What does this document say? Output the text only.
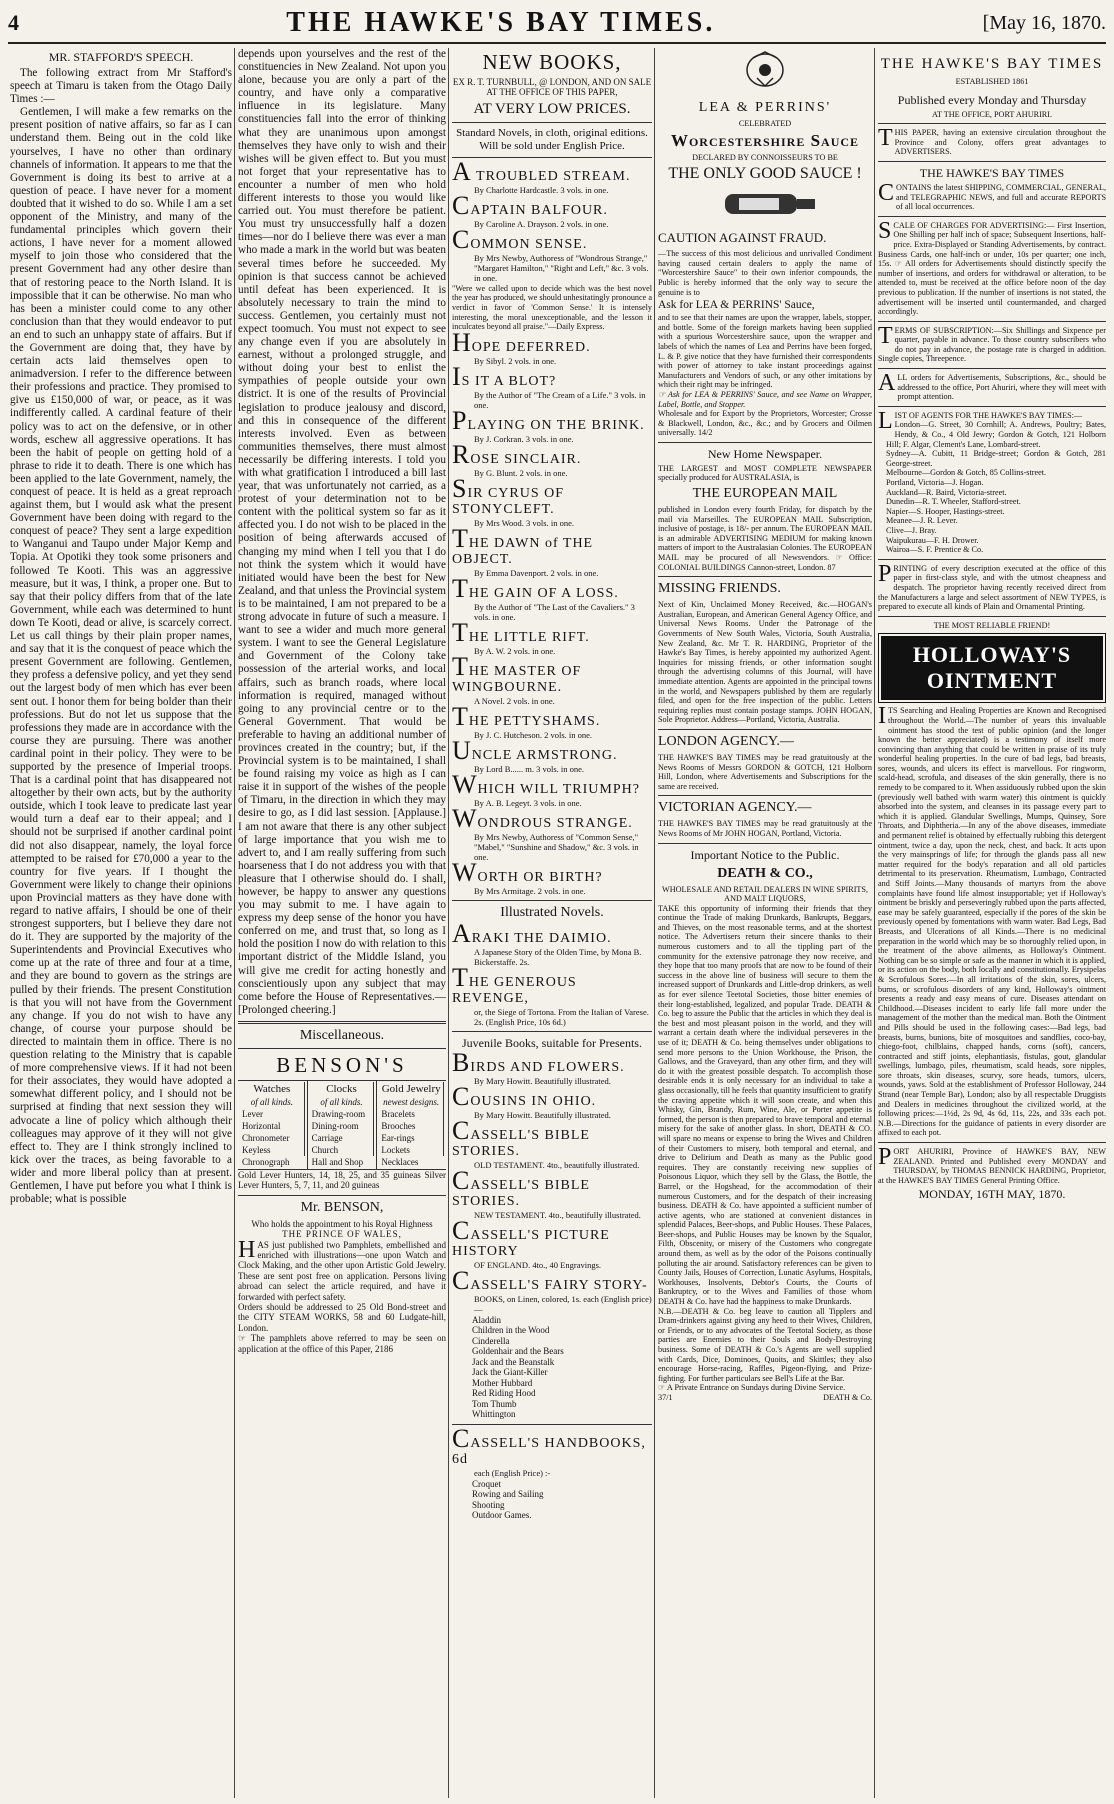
4	THE HAWKE'S BAY TIMES.	[May 16, 1870.
MR. STAFFORD'S SPEECH.

The following extract from Mr Stafford's speech at Timaru is taken from the Otago Daily Times :—

Gentlemen, I will make a few remarks on the present position of native affairs, so far as I can understand them. Being out in the cold like yourselves, I have no other than ordinary channels of information. It appears to me that the Government is doing its best to arrive at a question of peace. I have never for a moment doubted that it wished to do so. While I am a set opponent of the Ministry, and many of the fundamental principles which govern their actions, I have never for a moment allowed myself to join those who considered that the present Government had any other desire than that of restoring peace to the North Island. It is impossible that it can be otherwise. No man who has been a minister could come to any other conclusion than that they would endeavor to put an end to such an unhappy state of affairs. But if the Government are doing that, they have by certain acts laid themselves open to animadversion. I refer to the difference between their professions and practice. They promised to give us £150,000 of war, or peace, as it was indifferently called. A cardinal feature of their policy was to act on the defensive, or in other words, eschew all aggressive operations. It has been the habit of people on getting hold of a phrase to ride it to death. There is one which has been applied to the late Government, namely, the conquest of peace. It is held as a great reproach against them, but I would ask what the present Government have been doing with regard to the conquest of peace? They sent a large expedition to Wanganui and Taupo under Major Kemp and Topia. At Opotiki they took some prisoners and followed Te Kooti. This was an aggressive measure, but it was, I think, a proper one. But to say that their policy differs from that of the late Government, while each was determined to hunt down Te Kooti, dead or alive, is scarcely correct. Let us call things by their plain proper names, and say that it is the conquest of peace which the present Government are following. Gentlemen, they profess a defensive policy, and yet they send out the largest body of men which has ever been sent out. I honor them for being bolder than their professions. But do not let us suppose that the professions they made are in accordance with the course they are pursuing. There was another cardinal point in their policy. They were to be supported by the presence of Imperial troops. That is a cardinal point that has disappeared not altogether by their own acts, but by the authority outside, which I took leave to predicate last year would turn a deaf ear to their appeal; and I should not be surprised if another cardinal point did not also disappear, namely, the loyal force attempted to be raised for £70,000 a year to the country for five years. If I thought the Government were likely to change their opinions upon Provincial matters as they have done with regard to native affairs, I should be one of their strongest supporters, but I believe they dare not do it. They are supported by the majority of the Superintendents and Provincial Executives who come up at the rate of three and four at a time, and they are bound to govern as the strings are pulled by their friends. The present Constitution is that you will not have from the Government any change. If you do not wish to have any change, of course your purpose should be directed to maintain them in office. There is no question relating to the Ministry that is capable of more comprehensive views. If it had not been for their associates, they would have adopted a somewhat different policy, and I should not be surprised at finding that next session they will advocate a line of policy which although their colleagues may approve of it they will not give effect to. They are I think strongly inclined to kick over the traces, as being favorable to a wider and more liberal policy than at present. Gentlemen, I have put before you what I think is probable; what is possible

depends upon yourselves and the rest of the constituencies in New Zealand. Not upon you alone, because you are only a part of the country, and have only a comparative influence in its legislature. Many constituencies fall into the error of thinking what they are unanimous upon amongst themselves they have only to wish and their wishes will be given effect to. But you must not forget that your representative has to encounter a number of men who hold different interests to those you would like carried out. You must therefore be patient. You must try unsuccessfully half a dozen times—nor do I believe there was ever a man who made a mark in the world but was beaten several times before he succeeded. My opinion is that success cannot be achieved until defeat has been experienced. It is absolutely necessary to train the mind to success. Gentlemen, you certainly must not expect toomuch. You must not expect to see any change even if you are absolutely in earnest, without a prolonged struggle, and without doing your best to enlist the sympathies of people outside your own district. It is one of the results of Provincial legislation to produce jealousy and discord, and this in consequence of the different interests involved. Even as between communities themselves, there must almost necessarily be differing interests. I told you with what gratification I introduced a bill last year, that was unfortunately not carried, as a protest of your determination not to be content with the political system so far as it affected you. I do not wish to be placed in the position of being afterwards accused of changing my mind when I tell you that I do not think the system which it would have initiated would have been the best for New Zealand, and that unless the Provincial system is to be maintained, I am not prepared to be a strong advocate in future of such a measure. I want to see a wider and much more general system. I want to see the General Legislature and Government of the Colony take possession of the arterial works, and local affairs, such as branch roads, where local information is required, managed without going to any provincial centre or to the General Government. That would be preferable to having an additional number of provinces created in the country; but, if the Provincial system is to be maintained, I shall be found raising my voice as high as I can raise it in support of the wishes of the people of Timaru, in the direction in which they may desire to go, as I did last session. [Applause.] I am not aware that there is any other subject of large importance that you wish me to advert to, and I am really suffering from such hoarseness that I do not address you with that pleasure that I otherwise should do. I shall, however, be happy to answer any questions you may submit to me. I have again to express my deep sense of the honor you have conferred on me, and trust that, so long as I hold the position I now do with relation to this important district of the Middle Island, you will give me credit for acting honestly and conscientiously upon any subject that may come before the House of Representatives.—[Prolonged cheering.]

Miscellaneous.
BENSON'S
Watches
of all kinds.
Lever
Horizontal
Chronometer
Keyless
Chronograph
Clocks
of all kinds.
Drawing-room
Dining-room
Carriage
Church
Hall and Shop
Gold Jewelry
newest designs.
Bracelets
Brooches
Ear-rings
Lockets
Necklaces

Gold Lever Hunters, 14, 18, 25, and 35 guineas Silver Lever Hunters, 5, 7, 11, and 20 guineas

Mr. BENSON,
Who holds the appointment to his Royal Highness
THE PRINCE OF WALES,

HAS just published two Pamphlets, embellished and enriched with illustrations—one upon Watch and Clock Making, and the other upon Artistic Gold Jewelry. These are sent post free on application. Persons living abroad can select the article required, and have it forwarded with perfect safety.

Orders should be addressed to 25 Old Bond-street and the CITY STEAM WORKS, 58 and 60 Ludgate-hill, London.

☞ The pamphlets above referred to may be seen on application at the office of this Paper, 2186

NEW BOOKS,
EX R. T. TURNBULL, @ LONDON, AND ON SALE AT THE OFFICE OF THIS PAPER,
AT VERY LOW PRICES.

Standard Novels, in cloth, original editions. Will be sold under English Price.

A TROUBLED STREAM.
By Charlotte Hardcastle. 3 vols. in one.
CAPTAIN BALFOUR.
By Caroline A. Drayson. 2 vols. in one.
COMMON SENSE.
By Mrs Newby, Authoress of "Wondrous Strange," "Margaret Hamilton," "Right and Left," &c. 3 vols. in one.

"Were we called upon to decide which was the best novel the year has produced, we should unhesitatingly pronounce a verdict in favor of 'Common Sense.' It is intensely interesting, the moral unexceptionable, and the lesson it inculcates beyond all praise."—Daily Express.

HOPE DEFERRED.
By Sibyl. 2 vols. in one.
IS IT A BLOT?
By the Author of "The Cream of a Life." 3 vols. in one.
PLAYING ON THE BRINK.
By J. Corkran. 3 vols. in one.
ROSE SINCLAIR.
By G. Blunt. 2 vols. in one.
SIR CYRUS OF STONYCLEFT.
By Mrs Wood. 3 vols. in one.
THE DAWN of THE OBJECT.
By Emma Davenport. 2 vols. in one.
THE GAIN OF A LOSS.
By the Author of "The Last of the Cavaliers." 3 vols. in one.
THE LITTLE RIFT.
By A. W. 2 vols. in one.
THE MASTER OF WINGBOURNE.
A Novel. 2 vols. in one.
THE PETTYSHAMS.
By J. C. Hutcheson. 2 vols. in one.
UNCLE ARMSTRONG.
By Lord B...... m. 3 vols. in one.
WHICH WILL TRIUMPH?
By A. B. Legeyt. 3 vols. in one.
WONDROUS STRANGE.
By Mrs Newby, Authoress of "Common Sense," "Mabel," "Sunshine and Shadow," &c. 3 vols. in one.
WORTH OR BIRTH?
By Mrs Armitage. 2 vols. in one.
Illustrated Novels.
ARAKI THE DAIMIO.
A Japanese Story of the Olden Time, by Mona B. Bickerstaffe. 2s.
THE GENEROUS REVENGE,
or, the Siege of Tortona. From the Italian of Varese. 2s. (English Price, 10s 6d.)
Juvenile Books, suitable for Presents.
BIRDS AND FLOWERS.
By Mary Howitt. Beautifully illustrated.
COUSINS IN OHIO.
By Mary Howitt. Beautifully illustrated.
CASSELL'S BIBLE STORIES.
OLD TESTAMENT. 4to., beautifully illustrated.
CASSELL'S BIBLE STORIES.
NEW TESTAMENT. 4to., beautifully illustrated.
CASSELL'S PICTURE HISTORY
OF ENGLAND. 4to., 40 Engravings.
CASSELL'S FAIRY STORY-
BOOKS, on Linen, colored, 1s. each (English price) —
Aladdin
Children in the Wood
Cinderella
Goldenhair and the Bears
Jack and the Beanstalk
Jack the Giant-Killer
Mother Hubbard
Red Riding Hood
Tom Thumb
Whittington
CASSELL'S HANDBOOKS, 6d
each (English Price) :-
Croquet
Rowing and Sailing
Shooting
Outdoor Games.
LEA & PERRINS'
CELEBRATED
Worcestershire Sauce
DECLARED BY CONNOISSEURS TO BE
THE ONLY GOOD SAUCE !
CAUTION AGAINST FRAUD.

—The success of this most delicious and unrivalled Condiment having caused certain dealers to apply the name of "Worcestershire Sauce" to their own inferior compounds, the Public is hereby informed that the only way to secure the genuine is to

Ask for LEA & PERRINS' Sauce,

and to see that their names are upon the wrapper, labels, stopper, and bottle. Some of the foreign markets having been supplied with a spurious Worcestershire sauce, upon the wrapper and labels of which the names of Lea and Perrins have been forged, L. & P. give notice that they have furnished their correspondents with power of attorney to take instant proceedings against Manufacturers and Vendors of such, or any other imitations by which their right may be infringed.

☞ Ask for LEA & PERRINS' Sauce, and see Name on Wrapper, Label, Bottle, and Stopper.

Wholesale and for Export by the Proprietors, Worcester; Crosse & Blackwell, London, &c., &c.; and by Grocers and Oilmen universally. 14/2

New Home Newspaper.

THE LARGEST and MOST COMPLETE NEWSPAPER specially produced for AUSTRALASIA, is

THE EUROPEAN MAIL

published in London every fourth Friday, for dispatch by the mail via Marseilles. The EUROPEAN MAIL Subscription, inclusive of postage, is 18/- per annum. The EUROPEAN MAIL is an admirable ADVERTISING MEDIUM for making known matters of import to the Australasian Colonies. The EUROPEAN MAIL may be procured of all Newsvendors. ☞ Office: COLONIAL BUILDINGS Cannon-street, London. 87

MISSING FRIENDS.

Next of Kin, Unclaimed Money Received, &c.—HOGAN's Australian, European, and American General Agency Office, and Universal News Rooms. Under the Patronage of the Governments of New South Wales, Victoria, South Australia, New Zealand, &c. Mr T. R. HARDING, Proprietor of the Hawke's Bay Times, is hereby appointed my authorized Agent. Inquiries for missing friends, or other information sought through the advertising columns of this Journal, will have immediate attention. Agents are appointed in the principal towns in the world, and Newspapers published by them are regularly filed, and open for the free inspection of the public. Letters requiring replies must contain postage stamps. JOHN HOGAN, Sole Proprietor. Address—Portland, Victoria, Australia.

LONDON AGENCY.—

THE HAWKE'S BAY TIMES may be read gratuitously at the News Rooms of Messrs GORDON & GOTCH, 121 Holborn Hill, London, where Advertisements and Subscriptions for the same are received.

VICTORIAN AGENCY.—

THE HAWKE'S BAY TIMES may be read gratuitously at the News Rooms of Mr JOHN HOGAN, Portland, Victoria.

Important Notice to the Public.
DEATH & CO.,
WHOLESALE AND RETAIL DEALERS IN WINE SPIRITS, AND MALT LIQUORS,

TAKE this opportunity of informing their friends that they continue the Trade of making Drunkards, Bankrupts, Beggars, and Thieves, on the most reasonable terms, and at the shortest notice. The Advertisers return their sincere thanks to their numerous customers and to all the tippling part of the community for the extensive patronage they now receive, and they hope that too many proofs that are now to be found of their success in the above line of business will secure to them the increased support of Drunkards and Little-drop drinkers, as well as for ever silence Teetotal Societies, those bitter enemies of their long-established, legalized, and popular Trade. DEATH & Co. beg to assure the Public that the articles in which they deal is the best and most pleasant poison in the world, and they will warrant a certain death where the individual perseveres in the use of it; DEATH & Co. being themselves under obligations to send more persons to the Union Workhouse, the Prison, the Gallows, and the Graveyard, than any other firm, and they will do it with the greatest possible despatch. To accomplish those desirable ends it is only necessary for an individual to take a glass occasionally, till he feels that quantity insufficient to gratify the craving appetite which it will soon create, and when this Whisky, Gin, Brandy, Rum, Wine, Ale, or Porter appetite is formed, the person is then prepared to brave temporal and eternal misery for the sake of another glass. In short, DEATH & CO. will spare no means or expense to bring the Wives and Children of their Customers to misery, both temporal and eternal, and drive to Delirium and Death as many as the Public good requires. They are constantly receiving new supplies of Poisonous Liquor, which they sell by the Glass, the Bottle, the Barrel, or the Hogshead, for the accommodation of their numerous Customers, and for the despatch of their increasing business. DEATH & Co. have appointed a sufficient number of active agents, who are stationed at convenient distances in splendid Palaces, Beer-shops, and Public Houses. These Palaces, Beer-shops, and Public Houses may be known by the Squalor, Filth, Obscenity, or misery of the Customers who congregate around them, as well as by the odor of the Poisons continually polluting the air around. Satisfactory references can be given to County Jails, Houses of Correction, Lunatic Asylums, Hospitals, Workhouses, Insolvents, Debtor's Courts, the Courts of Bankruptcy, or to the Wives and Families of those whom DEATH & Co. have had the happiness to make Drunkards.

N.B.—DEATH & Co. beg leave to caution all Tipplers and Dram-drinkers against giving any heed to their Wives, Children, or Friends, or to any advocates of the Teetotal Society, as those parties are Enemies to their Souls and Body-Destroying business. Some of DEATH & Co.'s Agents are well supplied with Cards, Dice, Dominoes, Quoits, and Skittles; they also encourage Horse-racing, Raffles, Pigeon-flying, and Prize-fighting. For further particulars see Bell's Life at the Bar.

☞ A Private Entrance on Sundays during Divine Service.

37/1	DEATH & Co.
THE HAWKE'S BAY TIMES
ESTABLISHED 1861
Published every Monday and Thursday
AT THE OFFICE, PORT AHURIRI.

THIS PAPER, having an extensive circulation throughout the Province and Colony, offers great advantages to ADVERTISERS.

THE HAWKE'S BAY TIMES

CONTAINS the latest SHIPPING, COMMERCIAL, GENERAL, and TELEGRAPHIC NEWS, and full and accurate REPORTS of all local occurrences.

SCALE OF CHARGES FOR ADVERTISING:— First Insertion, One Shilling per half inch of space; Subsequent Insertions, half-price. Extra-Displayed or Standing Advertisements, by contract. Business Cards, one half-inch or under, 10s per quarter; one inch, 15s. ☞ All orders for Advertisements should distinctly specify the number of insertions, and orders for withdrawal or alteration, to be attended to, must be received at the office before noon of the day previous to publication. If the number of insertions is not stated, the advertisement will be inserted until countermanded, and charged accordingly.

TERMS OF SUBSCRIPTION:—Six Shillings and Sixpence per quarter, payable in advance. To those country subscribers who do not pay in advance, the postage rate is charged in addition. Single copies, Threepence.

ALL orders for Advertisements, Subscriptions, &c., should be addressed to the office, Port Ahuriri, where they will meet with prompt attention.

LIST OF AGENTS FOR THE HAWKE'S BAY TIMES:—

London—G. Street, 30 Cornhill; A. Andrews, Poultry; Bates, Hendy, & Co., 4 Old Jewry; Gordon & Gotch, 121 Holborn Hill; F. Algar, Clement's Lane, Lombard-street.

Sydney—A. Cubitt, 11 Bridge-street; Gordon & Gotch, 281 George-street.

Melbourne—Gordon & Gotch, 85 Collins-street.

Portland, Victoria—J. Hogan.

Auckland—R. Baird, Victoria-street.

Dunedin—R. T. Wheeler, Stafford-street.

Napier—S. Hooper, Hastings-street.

Meanee—J. R. Lever.

Clive—J. Bray.

Waipukurau—F. H. Drower.

Wairoa—S. F. Prentice & Co.

PRINTING of every description executed at the office of this paper in first-class style, and with the utmost cheapness and despatch. The proprietor having recently received direct from the Manufacturers a large and select assortment of NEW TYPES, is prepared to execute all kinds of Plain and Ornamental Printing.

THE MOST RELIABLE FRIEND!
HOLLOWAY'S OINTMENT

ITS Searching and Healing Properties are Known and Recognised throughout the World.—The number of years this invaluable ointment has stood the test of public opinion (and the longer known the better appreciated) is a testimony of itself more convincing than anything that could be written in praise of its truly wonderful healing properties. In the cure of bad legs, bad breasts, sores, wounds, and ulcers its effect is marvellous. For ringworm, scald-head, scrofula, and diseases of the skin generally, there is no remedy to be compared to it. When assiduously rubbed upon the skin (previously well bathed with warm water) this ointment is quickly absorbed into the system, and cleanses in its passage every part to which it is applied. Glandular Swellings, Mumps, Quinsey, Sore Throats, and Diphtheria.—In any of the above diseases, immediate and permanent relief is obtained by effectually rubbing this detergent ointment, twice a day, upon the neck, chest, and back. It acts upon the very mainsprings of life; for through the glands pass all new matter required for the body's reparation and all old particles detrimental to its preservation. Rheumatism, Lumbago, Contracted and Stiff Joints.—Many thousands of martyrs from the above complaints have found life almost insupportable; yet if Holloway's ointment be briskly and perseveringly rubbed upon the parts affected, ease may be safely guaranteed, especially if the pores of the skin be previously opened by fomentations with warm water. Bad Legs, Bad Breasts, and Ulcerations of all Kinds.—There is no medicinal preparation in the world which may be so thoroughly relied upon, in the treatment of the above ailments, as Holloway's Ointment. Nothing can be so simple or safe as the manner in which it is applied, or its action on the body, both locally and constitutionally. Erysipelas & Scrofulous Sores.—In all irritations of the skin, sores, ulcers, burns, or scrofulous disorders of any kind, Holloway's ointment presents a ready and easy means of cure. Diseases attendant on Childhood.—Diseases incident to early life fall more under the management of the mother than the medical man. Both the Ointment and Pills should be used in the following cases:—Bad legs, bad breasts, burns, bunions, bite of mosquitoes and sandflies, coco-bay, chiego-foot, chilblains, chapped hands, corns (soft), cancers, contracted and stiff joints, elephantiasis, fistulas, gout, glandular swellings, lumbago, piles, rheumatism, scald heads, sore nipples, sore throats, skin diseases, scurvy, sore heads, tumors, ulcers, wounds, yaws. Sold at the establishment of Professor Holloway, 244 Strand (near Temple Bar), London; also by all respectable Druggists and Dealers in medicines throughout the civilized world, at the following prices:—1½d, 2s 9d, 4s 6d, 11s, 22s, and 33s each pot. N.B.—Directions for the guidance of patients in every disorder are affixed to each pot.

PORT AHURIRI, Province of HAWKE'S BAY, NEW ZEALAND. Printed and Published every MONDAY and THURSDAY, by THOMAS BENNICK HARDING, Proprietor, at the HAWKE'S BAY TIMES General Printing Office.

MONDAY, 16TH MAY, 1870.
